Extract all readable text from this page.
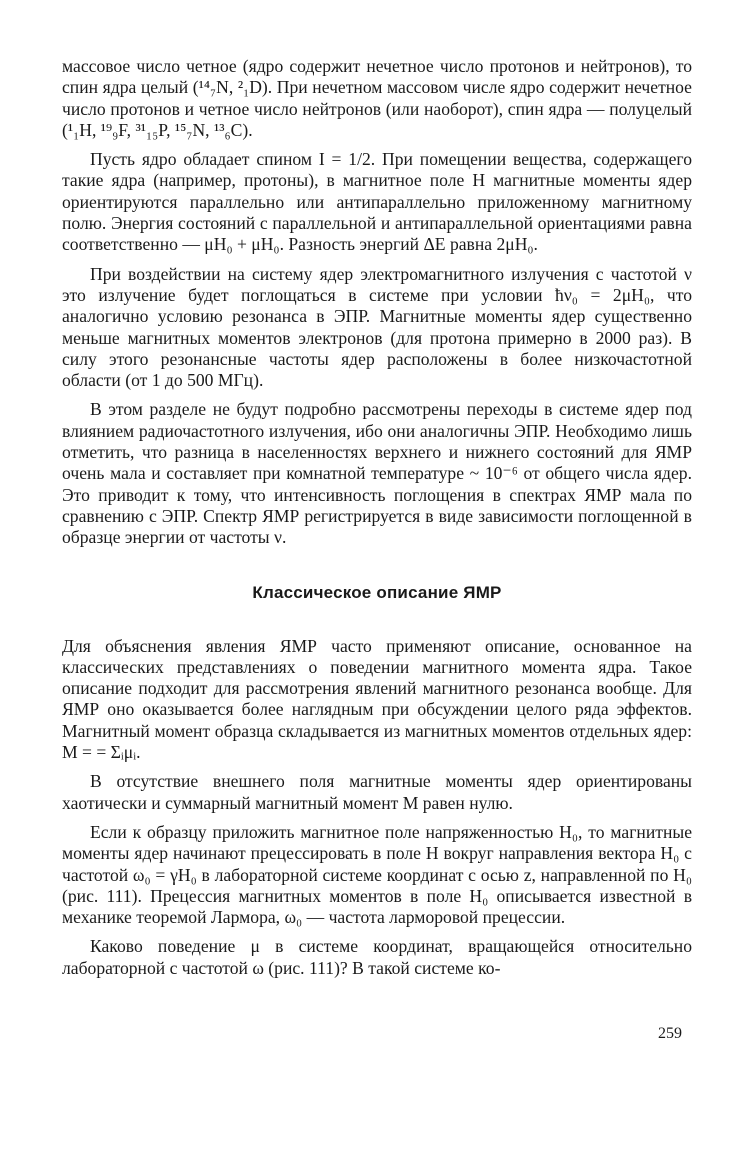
массовое число четное (ядро содержит нечетное число протонов и нейтронов), то спин ядра целый (¹⁴₇N, ²₁D). При нечетном массовом числе ядро содержит нечетное число протонов и четное число нейтронов (или наоборот), спин ядра — полуцелый (¹₁H, ¹⁹₉F, ³¹₁₅P, ¹⁵₇N, ¹³₆C).

Пусть ядро обладает спином I = 1/2. При помещении вещества, содержащего такие ядра (например, протоны), в магнитное поле H магнитные моменты ядер ориентируются параллельно или антипараллельно приложенному магнитному полю. Энергия состояний с параллельной и антипараллельной ориентациями равна соответственно — μH₀ + μH₀. Разность энергий ΔE равна 2μH₀.

При воздействии на систему ядер электромагнитного излучения с частотой ν это излучение будет поглощаться в системе при условии ħν₀ = 2μH₀, что аналогично условию резонанса в ЭПР. Магнитные моменты ядер существенно меньше магнитных моментов электронов (для протона примерно в 2000 раз). В силу этого резонансные частоты ядер расположены в более низкочастотной области (от 1 до 500 МГц).

В этом разделе не будут подробно рассмотрены переходы в системе ядер под влиянием радиочастотного излучения, ибо они аналогичны ЭПР. Необходимо лишь отметить, что разница в населенностях верхнего и нижнего состояний для ЯМР очень мала и составляет при комнатной температуре ~ 10⁻⁶ от общего числа ядер. Это приводит к тому, что интенсивность поглощения в спектрах ЯМР мала по сравнению с ЭПР. Спектр ЯМР регистрируется в виде зависимости поглощенной в образце энергии от частоты ν.

Классическое описание ЯМР

Для объяснения явления ЯМР часто применяют описание, основанное на классических представлениях о поведении магнитного момента ядра. Такое описание подходит для рассмотрения явлений магнитного резонанса вообще. Для ЯМР оно оказывается более наглядным при обсуждении целого ряда эффектов. Магнитный момент образца складывается из магнитных моментов отдельных ядер: M = = Σᵢμᵢ.

В отсутствие внешнего поля магнитные моменты ядер ориентированы хаотически и суммарный магнитный момент M равен нулю.

Если к образцу приложить магнитное поле напряженностью H₀, то магнитные моменты ядер начинают прецессировать в поле H вокруг направления вектора H₀ с частотой ω₀ = γH₀ в лабораторной системе координат с осью z, направленной по H₀ (рис. 111). Прецессия магнитных моментов в поле H₀ описывается известной в механике теоремой Лармора, ω₀ — частота ларморовой прецессии.

Каково поведение μ в системе координат, вращающейся относительно лабораторной с частотой ω (рис. 111)? В такой системе ко-

259
